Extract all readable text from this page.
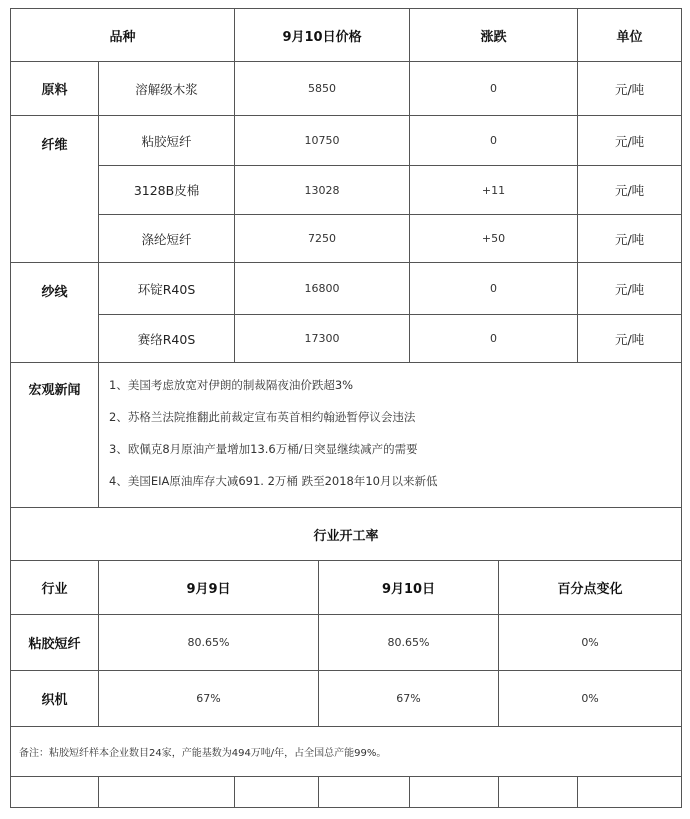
品种		9月10日价格		涨跌		单位
原料	溶解级木浆	5850		0		元/吨
纤维	粘胶短纤	10750		0		元/吨
	3128B皮棉	13028		+11		元/吨
	涤纶短纤	7250		+50		元/吨
纱线	环锭R40S	16800		0		元/吨
	赛络R40S	17300		0		元/吨
宏观新闻	1、美国考虑放宽对伊朗的制裁隔夜油价跌超3%
2、苏格兰法院推翻此前裁定宣布英首相约翰逊暂停议会违法
3、欧佩克8月原油产量增加13.6万桶/日突显继续减产的需要
4、美国EIA原油库存大减691. 2万桶 跌至2018年10月以来新低					

行业开工率						
行业	9月9日		9月10日		百分点变化	
粘胶短纤	80.65%		80.65%		0%	
织机	67%		67%		0%	
备注：粘胶短纤样本企业数目24家，产能基数为494万吨/年，占全国总产能99%。						
